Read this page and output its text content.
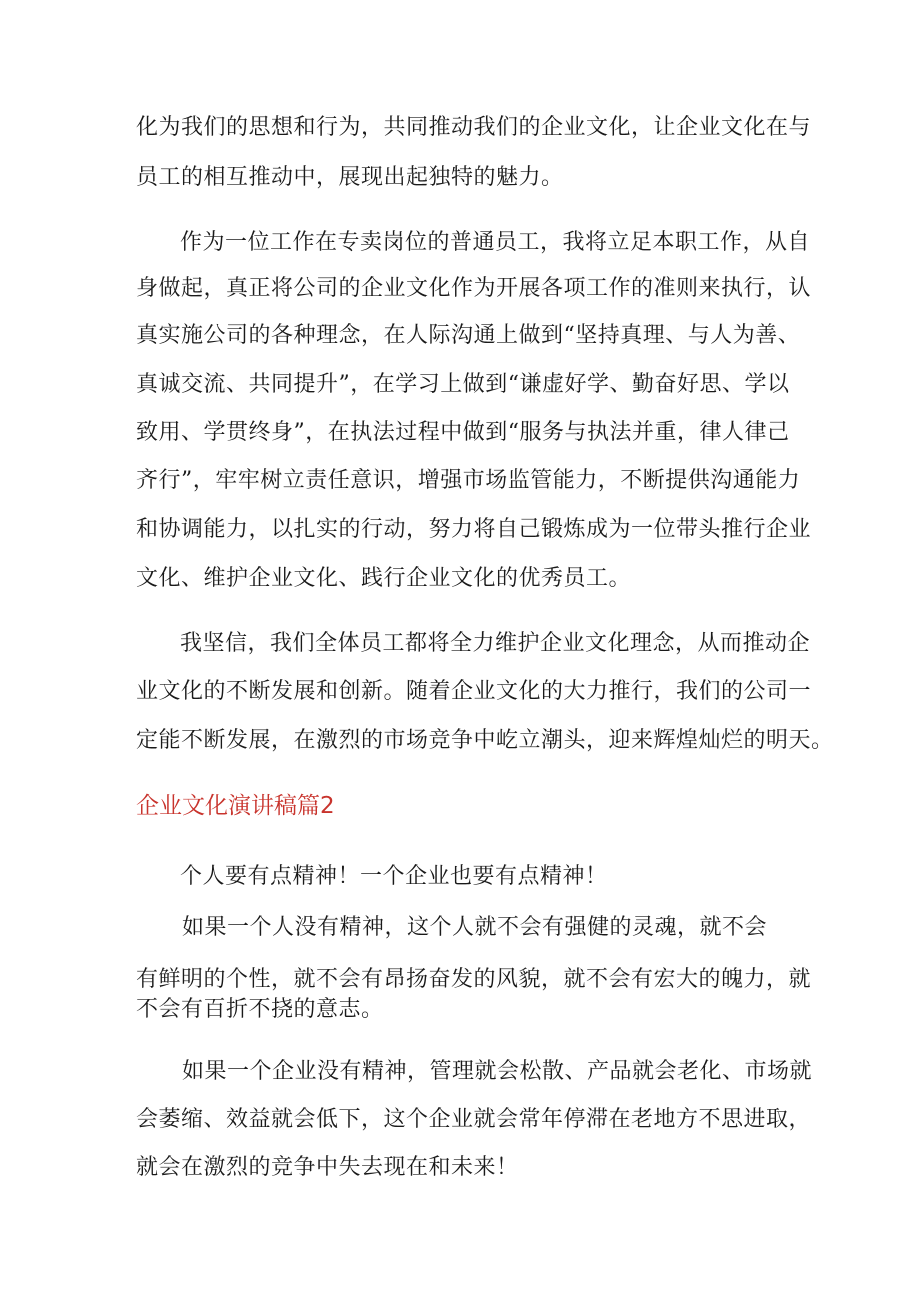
化为我们的思想和行为，共同推动我们的企业文化，让企业文化在与
员工的相互推动中，展现出起独特的魅力。
作为一位工作在专卖岗位的普通员工，我将立足本职工作，从自
身做起，真正将公司的企业文化作为开展各项工作的准则来执行，认
真实施公司的各种理念，在人际沟通上做到“坚持真理、与人为善、
真诚交流、共同提升”，在学习上做到“谦虚好学、勤奋好思、学以
致用、学贯终身”，在执法过程中做到“服务与执法并重，律人律己
齐行”，牢牢树立责任意识，增强市场监管能力，不断提供沟通能力
和协调能力，以扎实的行动，努力将自己锻炼成为一位带头推行企业
文化、维护企业文化、践行企业文化的优秀员工。
我坚信，我们全体员工都将全力维护企业文化理念，从而推动企
业文化的不断发展和创新。随着企业文化的大力推行，我们的公司一
定能不断发展，在激烈的市场竞争中屹立潮头，迎来辉煌灿烂的明天。
企业文化演讲稿篇2
个人要有点精神！一个企业也要有点精神！
如果一个人没有精神，这个人就不会有强健的灵魂，就不会
有鲜明的个性，就不会有昂扬奋发的风貌，就不会有宏大的魄力，就
不会有百折不挠的意志。
如果一个企业没有精神，管理就会松散、产品就会老化、市场就
会萎缩、效益就会低下，这个企业就会常年停滞在老地方不思进取，
就会在激烈的竞争中失去现在和未来！
